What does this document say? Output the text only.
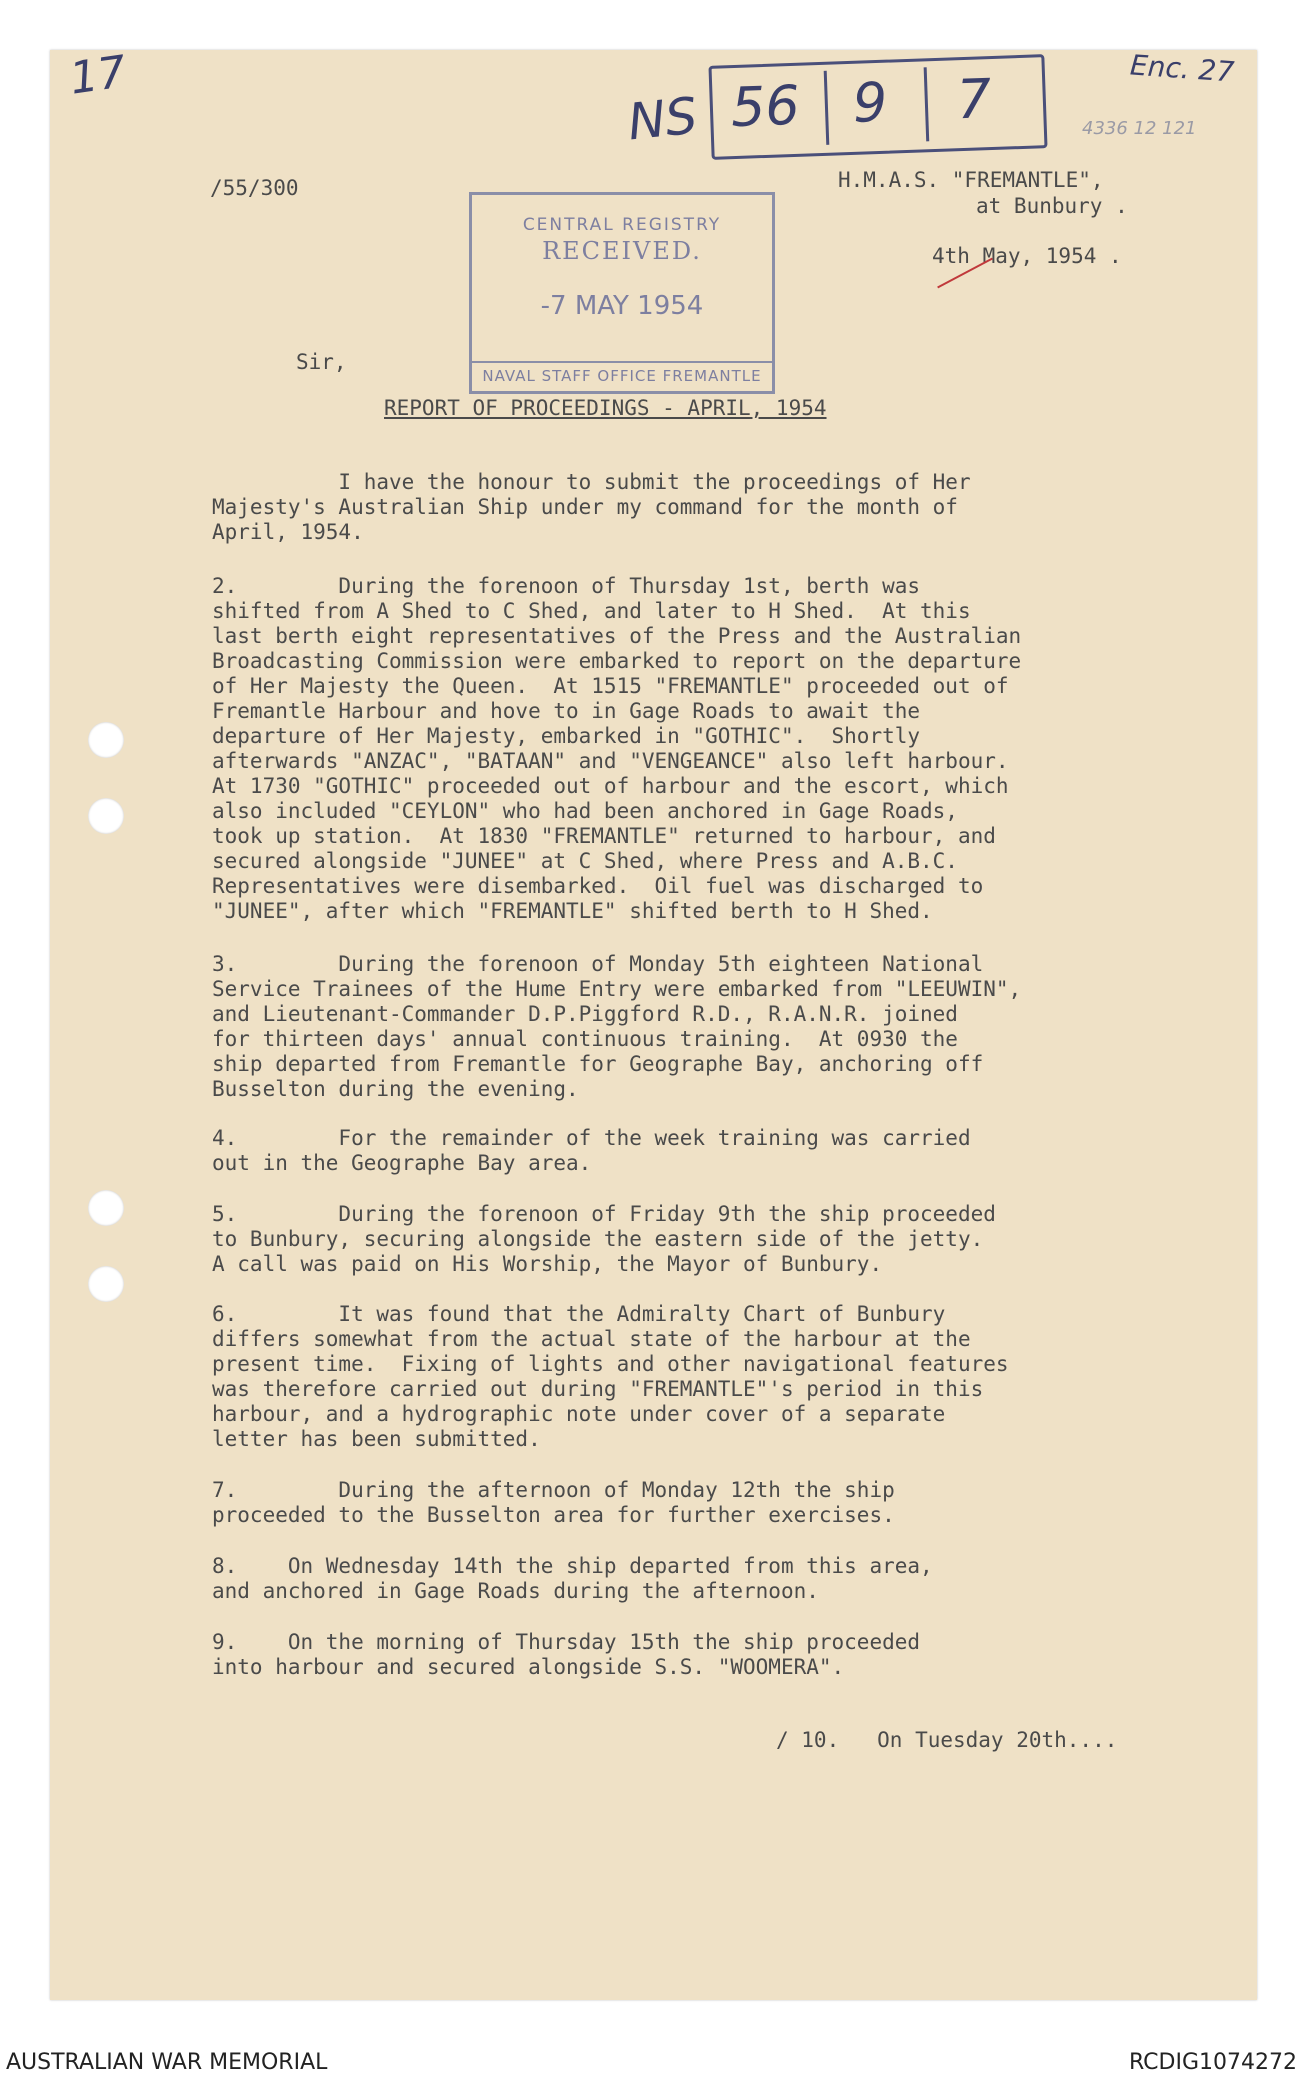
17
NS 56 9 7	Enc. 27
4336 12 121
CENTRAL REGISTRY
RECEIVED.
-7 MAY 1954
NAVAL STAFF OFFICE FREMANTLE
/55/300	H.M.A.S. "FREMANTLE",
at Bunbury .
4th May, 1954 .
Sir,
REPORT OF PROCEEDINGS - APRIL, 1954

I have the honour to submit the proceedings of Her

Majesty's Australian Ship under my command for the month of

April, 1954.

2.        During the forenoon of Thursday 1st, berth was

shifted from A Shed to C Shed, and later to H Shed.  At this

last berth eight representatives of the Press and the Australian

Broadcasting Commission were embarked to report on the departure

of Her Majesty the Queen.  At 1515 "FREMANTLE" proceeded out of

Fremantle Harbour and hove to in Gage Roads to await the

departure of Her Majesty, embarked in "GOTHIC".  Shortly

afterwards "ANZAC", "BATAAN" and "VENGEANCE" also left harbour.

At 1730 "GOTHIC" proceeded out of harbour and the escort, which

also included "CEYLON" who had been anchored in Gage Roads,

took up station.  At 1830 "FREMANTLE" returned to harbour, and

secured alongside "JUNEE" at C Shed, where Press and A.B.C.

Representatives were disembarked.  Oil fuel was discharged to

"JUNEE", after which "FREMANTLE" shifted berth to H Shed.

3.        During the forenoon of Monday 5th eighteen National

Service Trainees of the Hume Entry were embarked from "LEEUWIN",

and Lieutenant-Commander D.P.Piggford R.D., R.A.N.R. joined

for thirteen days' annual continuous training.  At 0930 the

ship departed from Fremantle for Geographe Bay, anchoring off

Busselton during the evening.

4.        For the remainder of the week training was carried

out in the Geographe Bay area.

5.        During the forenoon of Friday 9th the ship proceeded

to Bunbury, securing alongside the eastern side of the jetty.

A call was paid on His Worship, the Mayor of Bunbury.

6.        It was found that the Admiralty Chart of Bunbury

differs somewhat from the actual state of the harbour at the

present time.  Fixing of lights and other navigational features

was therefore carried out during "FREMANTLE"'s period in this

harbour, and a hydrographic note under cover of a separate

letter has been submitted.

7.        During the afternoon of Monday 12th the ship

proceeded to the Busselton area for further exercises.

8.    On Wednesday 14th the ship departed from this area,

and anchored in Gage Roads during the afternoon.

9.    On the morning of Thursday 15th the ship proceeded

into harbour and secured alongside S.S. "WOOMERA".

/ 10.   On Tuesday 20th....
AUSTRALIAN WAR MEMORIAL	RCDIG1074272
